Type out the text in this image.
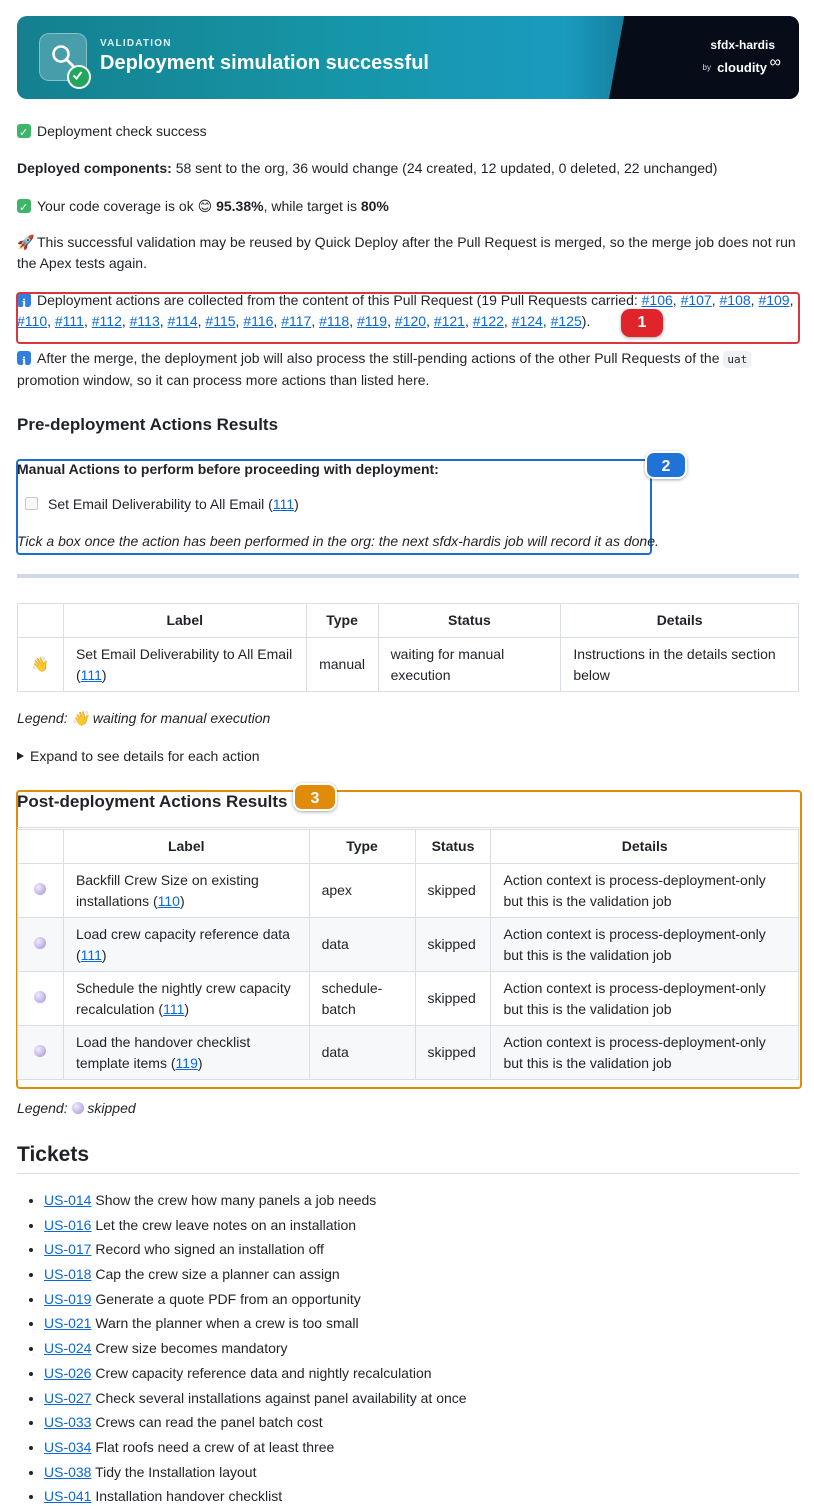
VALIDATION
Deployment simulation successful
sfdx-hardis
by cloudity ∞

✓Deployment check success

Deployed components: 58 sent to the org, 36 would change (24 created, 12 updated, 0 deleted, 22 unchanged)

✓Your code coverage is ok 😊 95.38%, while target is 80%

🚀 This successful validation may be reused by Quick Deploy after the Pull Request is merged, so the merge job does not run the Apex tests again.

iDeployment actions are collected from the content of this Pull Request (19 Pull Requests carried: #106, #107, #108, #109,
#110, #111, #112, #113, #114, #115, #116, #117, #118, #119, #120, #121, #122, #124, #125).	1

iAfter the merge, the deployment job will also process the still-pending actions of the other Pull Requests of the uat
promotion window, so it can process more actions than listed here.

Pre-deployment Actions Results

Manual Actions to perform before proceeding with deployment:

Set Email Deliverability to All Email (111)

Tick a box once the action has been performed in the org: the next sfdx-hardis job will record it as done.

2
	Label	Type	Status	Details
👋	Set Email Deliverability to All Email (111)	manual	waiting for manual execution	Instructions in the details section below

Legend: 👋 waiting for manual execution

Expand to see details for each action

Post-deployment Actions Results	3
	Label	Type	Status	Details
	Backfill Crew Size on existing installations (110)	apex	skipped	Action context is process-deployment-only but this is the validation job
	Load crew capacity reference data (111)	data	skipped	Action context is process-deployment-only but this is the validation job
	Schedule the nightly crew capacity recalculation (111)	schedule-batch	skipped	Action context is process-deployment-only but this is the validation job
	Load the handover checklist template items (119)	data	skipped	Action context is process-deployment-only but this is the validation job

Legend: skipped

Tickets
• US-014 Show the crew how many panels a job needs
• US-016 Let the crew leave notes on an installation
• US-017 Record who signed an installation off
• US-018 Cap the crew size a planner can assign
• US-019 Generate a quote PDF from an opportunity
• US-021 Warn the planner when a crew is too small
• US-024 Crew size becomes mandatory
• US-026 Crew capacity reference data and nightly recalculation
• US-027 Check several installations against panel availability at once
• US-033 Crews can read the panel batch cost
• US-034 Flat roofs need a crew of at least three
• US-038 Tidy the Installation layout
• US-041 Installation handover checklist
